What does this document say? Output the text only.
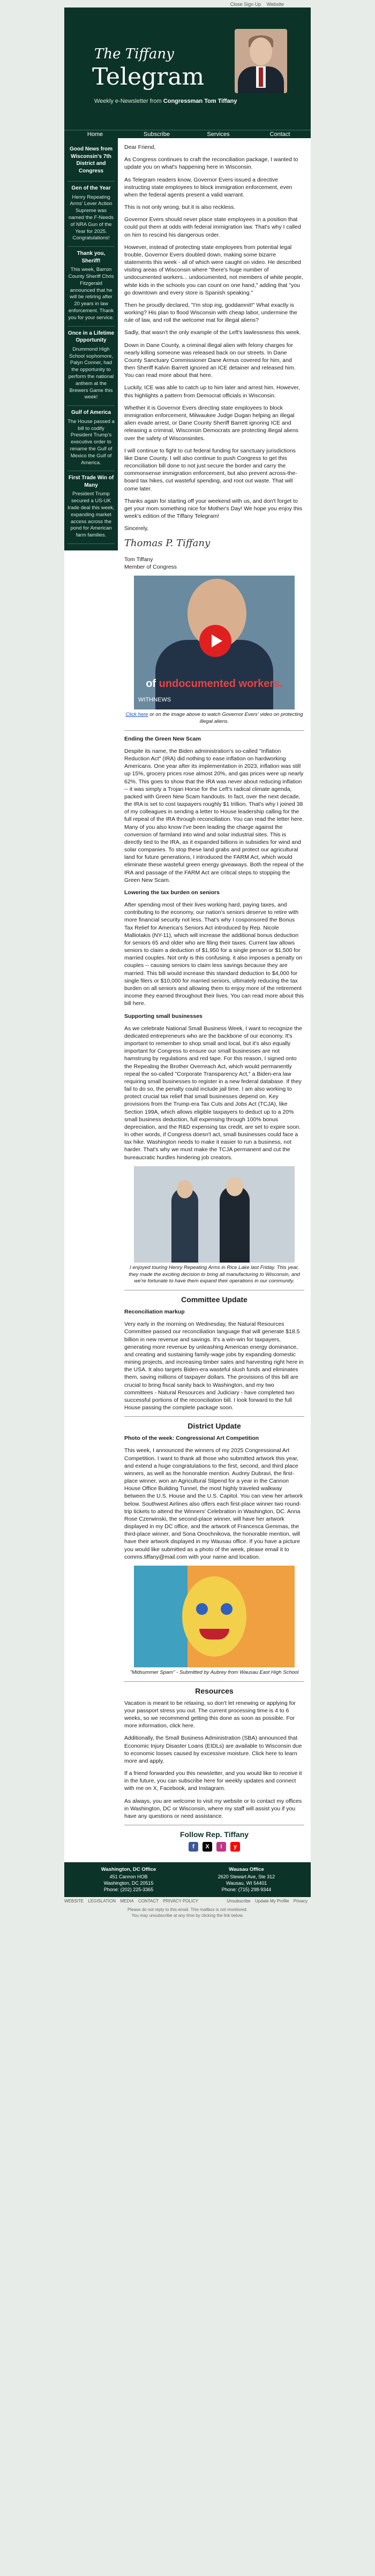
Close Sign Up Website
The Tiffany
Telegram
Weekly e-Newsletter from Congressman Tom Tiffany
Home	Subscribe	Services	Contact
Good News from Wisconsin's 7th District and Congress

Gen of the Year

Henry Repeating Arms' Lever Action Supreme was named the F-Needs of NRA Gun of the Year for 2025. Congratulations!

Thank you, Sheriff!

This week, Barron County Sheriff Chris Fitzgerald announced that he will be retiring after 20 years in law enforcement. Thank you for your service.

Once in a Lifetime Opportunity

Drummond High School sophomore, Palyn Conner, had the opportunity to perform the national anthem at the Brewers Game this week!

Gulf of America

The House passed a bill to codify President Trump's executive order to rename the Gulf of Mexico the Gulf of America.

First Trade Win of Many

President Trump secured a US-UK trade deal this week, expanding market access across the pond for American farm families.

Dear Friend,

As Congress continues to craft the reconciliation package, I wanted to update you on what's happening here in Wisconsin.

As Telegram readers know, Governor Evers issued a directive instructing state employees to block immigration enforcement, even when the federal agents present a valid warrant.

This is not only wrong; but it is also reckless.

Governor Evers should never place state employees in a position that could put them at odds with federal immigration law. That's why I called on him to rescind his dangerous order.

However, instead of protecting state employees from potential legal trouble, Governor Evers doubled down, making some bizarre statements this week - all of which were caught on video. He described visiting areas of Wisconsin where "there's huge number of undocumented workers... undocumented, not members of white people, white kids in the schools you can count on one hand," adding that "you go downtown and every store is Spanish speaking."

Then he proudly declared, "I'm stop ing, goddamnit!" What exactly is working? His plan to flood Wisconsin with cheap labor, undermine the rule of law, and roll the welcome mat for illegal aliens?

Sadly, that wasn't the only example of the Left's lawlessness this week.

Down in Dane County, a criminal illegal alien with felony charges for nearly killing someone was released back on our streets. In Dane County Sanctuary Commissioner Dane Armus covered for him, and then Sheriff Kalvin Barrett ignored an ICE detainer and released him. You can read more about that here.

Luckily, ICE was able to catch up to him later and arrest him. However, this highlights a pattern from Democrat officials in Wisconsin.

Whether it is Governor Evers directing state employees to block immigration enforcement, Milwaukee Judge Dugan helping an illegal alien evade arrest, or Dane County Sheriff Barrett ignoring ICE and releasing a criminal, Wisconsin Democrats are protecting illegal aliens over the safety of Wisconsinites.

I will continue to fight to cut federal funding for sanctuary jurisdictions like Dane County. I will also continue to push Congress to get this reconciliation bill done to not just secure the border and carry the commonsense immigration enforcement, but also prevent across-the-board tax hikes, cut wasteful spending, and root out waste. That will come later.

Thanks again for starting off your weekend with us, and don't forget to get your mom something nice for Mother's Day! We hope you enjoy this week's edition of the Tiffany Telegram!

Sincerely,

Thomas P. Tiffany

Tom Tiffany
Member of Congress

of undocumented workers.
WITHNEWS

Click here or on the image above to watch Governor Evers' video on protecting illegal aliens.

Ending the Green New Scam

Despite its name, the Biden administration's so-called "Inflation Reduction Act" (IRA) did nothing to ease inflation on hardworking Americans. One year after its implementation in 2023, inflation was still up 15%, grocery prices rose almost 20%, and gas prices were up nearly 62%. This goes to show that the IRA was never about reducing inflation -- it was simply a Trojan Horse for the Left's radical climate agenda, packed with Green New Scam handouts. In fact, over the next decade, the IRA is set to cost taxpayers roughly $1 trillion. That's why I joined 38 of my colleagues in sending a letter to House leadership calling for the full repeal of the IRA through reconciliation. You can read the letter here. Many of you also know I've been leading the charge against the conversion of farmland into wind and solar industrial sites. This is directly tied to the IRA, as it expanded billions in subsidies for wind and solar companies. To stop these land grabs and protect our agricultural land for future generations, I introduced the FARM Act, which would eliminate these wasteful green energy giveaways. Both the repeal of the IRA and passage of the FARM Act are critical steps to stopping the Green New Scam.

Lowering the tax burden on seniors

After spending most of their lives working hard, paying taxes, and contributing to the economy, our nation's seniors deserve to retire with more financial security not less. That's why I cosponsored the Bonus Tax Relief for America's Seniors Act introduced by Rep. Nicole Malliotakis (NY-11), which will increase the additional bonus deduction for seniors 65 and older who are filing their taxes. Current law allows seniors to claim a deduction of $1,950 for a single person or $1,500 for married couples. Not only is this confusing, it also imposes a penalty on couples -- causing seniors to claim less savings because they are married. This bill would increase this standard deduction to $4,000 for single filers or $10,000 for married seniors, ultimately reducing the tax burden on all seniors and allowing them to enjoy more of the retirement income they earned throughout their lives. You can read more about this bill here.

Supporting small businesses

As we celebrate National Small Business Week, I want to recognize the dedicated entrepreneurs who are the backbone of our economy. It's important to remember to shop small and local, but it's also equally important for Congress to ensure our small businesses are not hamstrung by regulations and red tape. For this reason, I signed onto the Repealing the Brother Overreach Act, which would permanently repeal the so-called "Corporate Transparency Act," a Biden-era law requiring small businesses to register in a new federal database. If they fail to do so, the penalty could include jail time. I am also working to protect crucial tax relief that small businesses depend on. Key provisions from the Trump-era Tax Cuts and Jobs Act (TCJA), like Section 199A, which allows eligible taxpayers to deduct up to a 20% small business deduction, full expensing through 100% bonus depreciation, and the R&D expensing tax credit, are set to expire soon. In other words, if Congress doesn't act, small businesses could face a tax hike. Washington needs to make it easier to run a business, not harder. That's why we must make the TCJA permanent and cut the bureaucratic hurdles hindering job creators.

I enjoyed touring Henry Repeating Arms in Rice Lake last Friday. This year, they made the exciting decision to bring all manufacturing to Wisconsin, and we're fortunate to have them expand their operations in our community.

Committee Update

Reconciliation markup

Very early in the morning on Wednesday, the Natural Resources Committee passed our reconciliation language that will generate $18.5 billion in new revenue and savings. It's a win-win for taxpayers, generating more revenue by unleashing American energy dominance, and creating and sustaining family-wage jobs by expanding domestic mining projects, and increasing timber sales and harvesting right here in the USA. It also targets Biden-era wasteful slush funds and eliminates them, saving millions of taxpayer dollars. The provisions of this bill are crucial to bring fiscal sanity back to Washington, and my two committees - Natural Resources and Judiciary - have completed two successful portions of the reconciliation bill. I look forward to the full House passing the complete package soon.

District Update

Photo of the week: Congressional Art Competition

This week, I announced the winners of my 2025 Congressional Art Competition. I want to thank all those who submitted artwork this year, and extend a huge congratulations to the first, second, and third place winners, as well as the honorable mention. Audrey Dubravi, the first-place winner, won an Agricultural Stipend for a year in the Cannon House Office Building Tunnel, the most highly traveled walkway between the U.S. House and the U.S. Capitol. You can view her artwork below. Southwest Airlines also offers each first-place winner two round-trip tickets to attend the Winners' Celebration in Washington, DC. Anna Rose Czerwinski, the second-place winner, will have her artwork displayed in my DC office, and the artwork of Francesca Gemmas, the third-place winner, and Sona Onochnikova, the honorable mention, will have their artwork displayed in my Wausau office. If you have a picture you would like submitted as a photo of the week, please email it to comms.tiffany@mail.com with your name and location.

"Midsummer Spam" - Submitted by Aubrey from Wausau East High School

Resources

Vacation is meant to be relaxing, so don't let renewing or applying for your passport stress you out. The current processing time is 4 to 6 weeks, so we recommend getting this done as soon as possible. For more information, click here.

Additionally, the Small Business Administration (SBA) announced that Economic Injury Disaster Loans (EIDLs) are available to Wisconsin due to economic losses caused by excessive moisture. Click here to learn more and apply.

If a friend forwarded you this newsletter, and you would like to receive it in the future, you can subscribe here for weekly updates and connect with me on X, Facebook, and Instagram.

As always, you are welcome to visit my website or to contact my offices in Washington, DC or Wisconsin, where my staff will assist you if you have any questions or need assistance.

Follow Rep. Tiffany
f	X	i	y
Washington, DC Office
451 Cannon HOB
Washington, DC 20515
Phone: (202) 225-3365
Wausau Office
2620 Stewart Ave, Ste 312
Wausau, WI 54401
Phone: (715) 298-9344
WEBSITE LEGISLATION MEDIA CONTACT PRIVACY POLICY	Unsubscribe Update My Profile Privacy
Please do not reply to this email. This mailbox is not monitored.
You may unsubscribe at any time by clicking the link below.
